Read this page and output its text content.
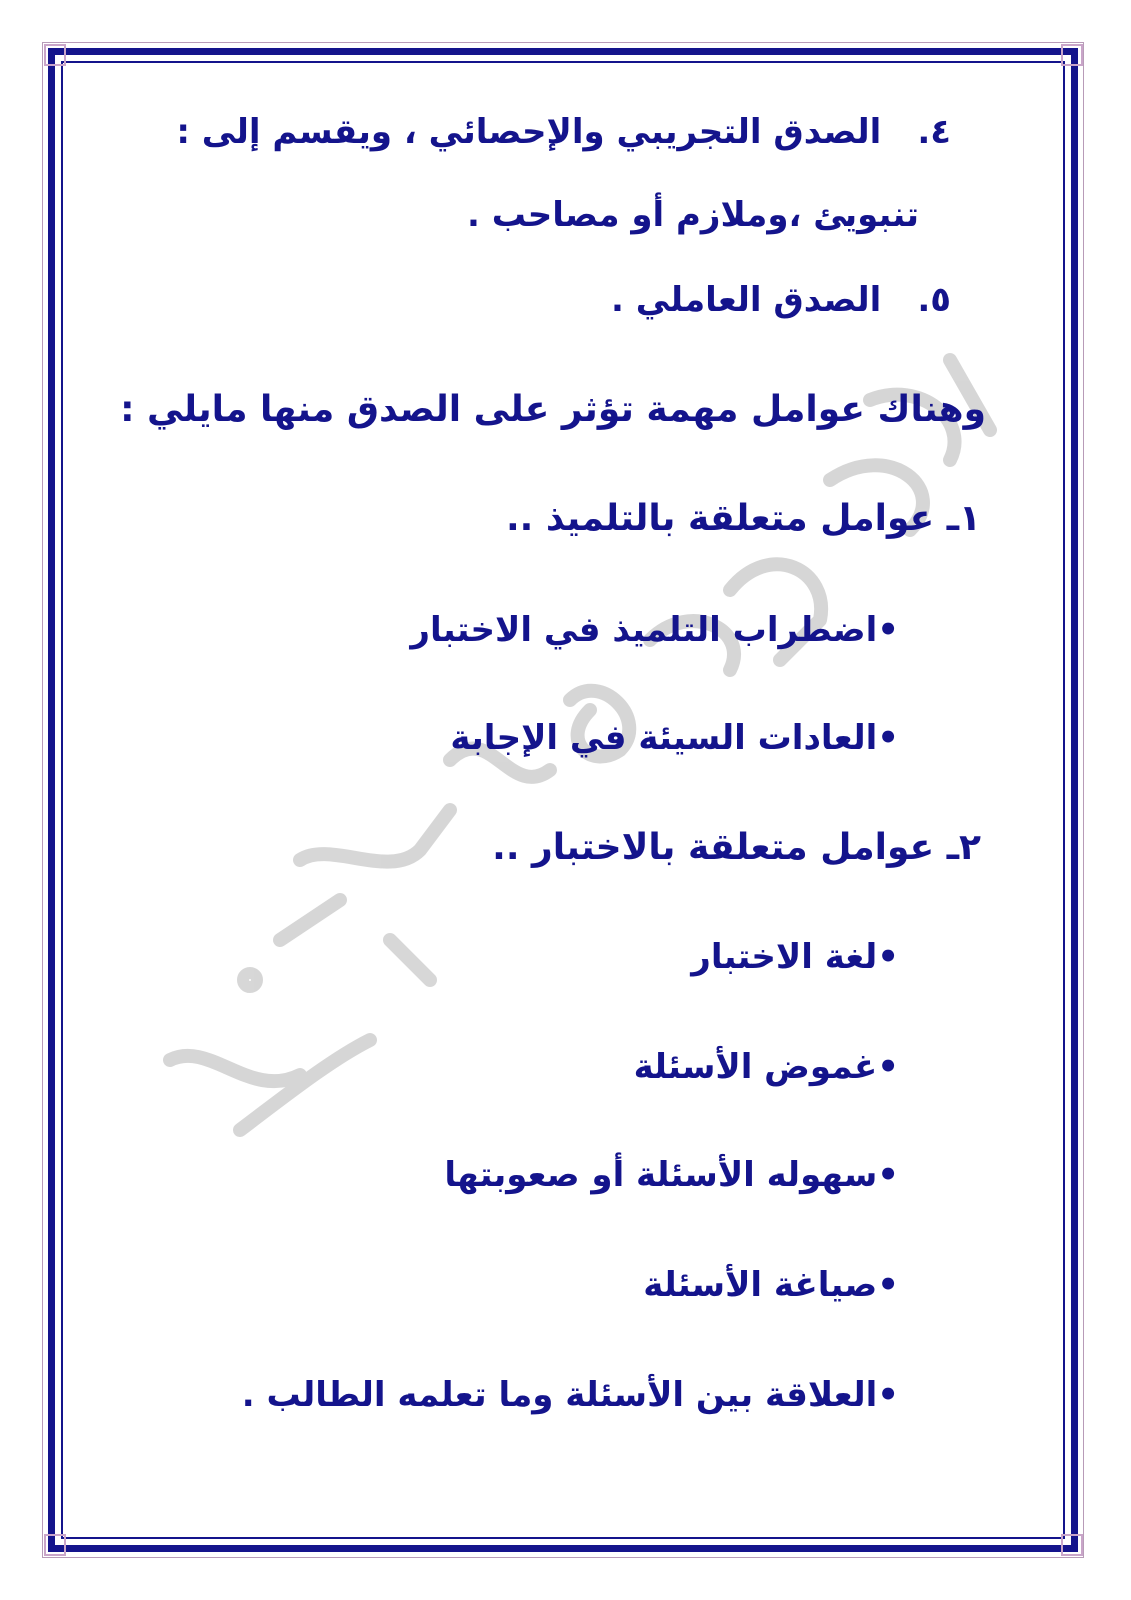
٤.الصدق التجريبي والإحصائي ، ويقسم إلى :
تنبويئ ،وملازم أو مصاحب .
٥.الصدق العاملي .
وهناك عوامل مهمة تؤثر على الصدق منها مايلي :
١ـ عوامل متعلقة بالتلميذ ..
•اضطراب التلميذ في الاختبار
•العادات السيئة في الإجابة
٢ـ عوامل متعلقة بالاختبار ..
•لغة الاختبار
•غموض الأسئلة
•سهوله الأسئلة أو صعوبتها
•صياغة الأسئلة
•العلاقة بين الأسئلة وما تعلمه الطالب .
